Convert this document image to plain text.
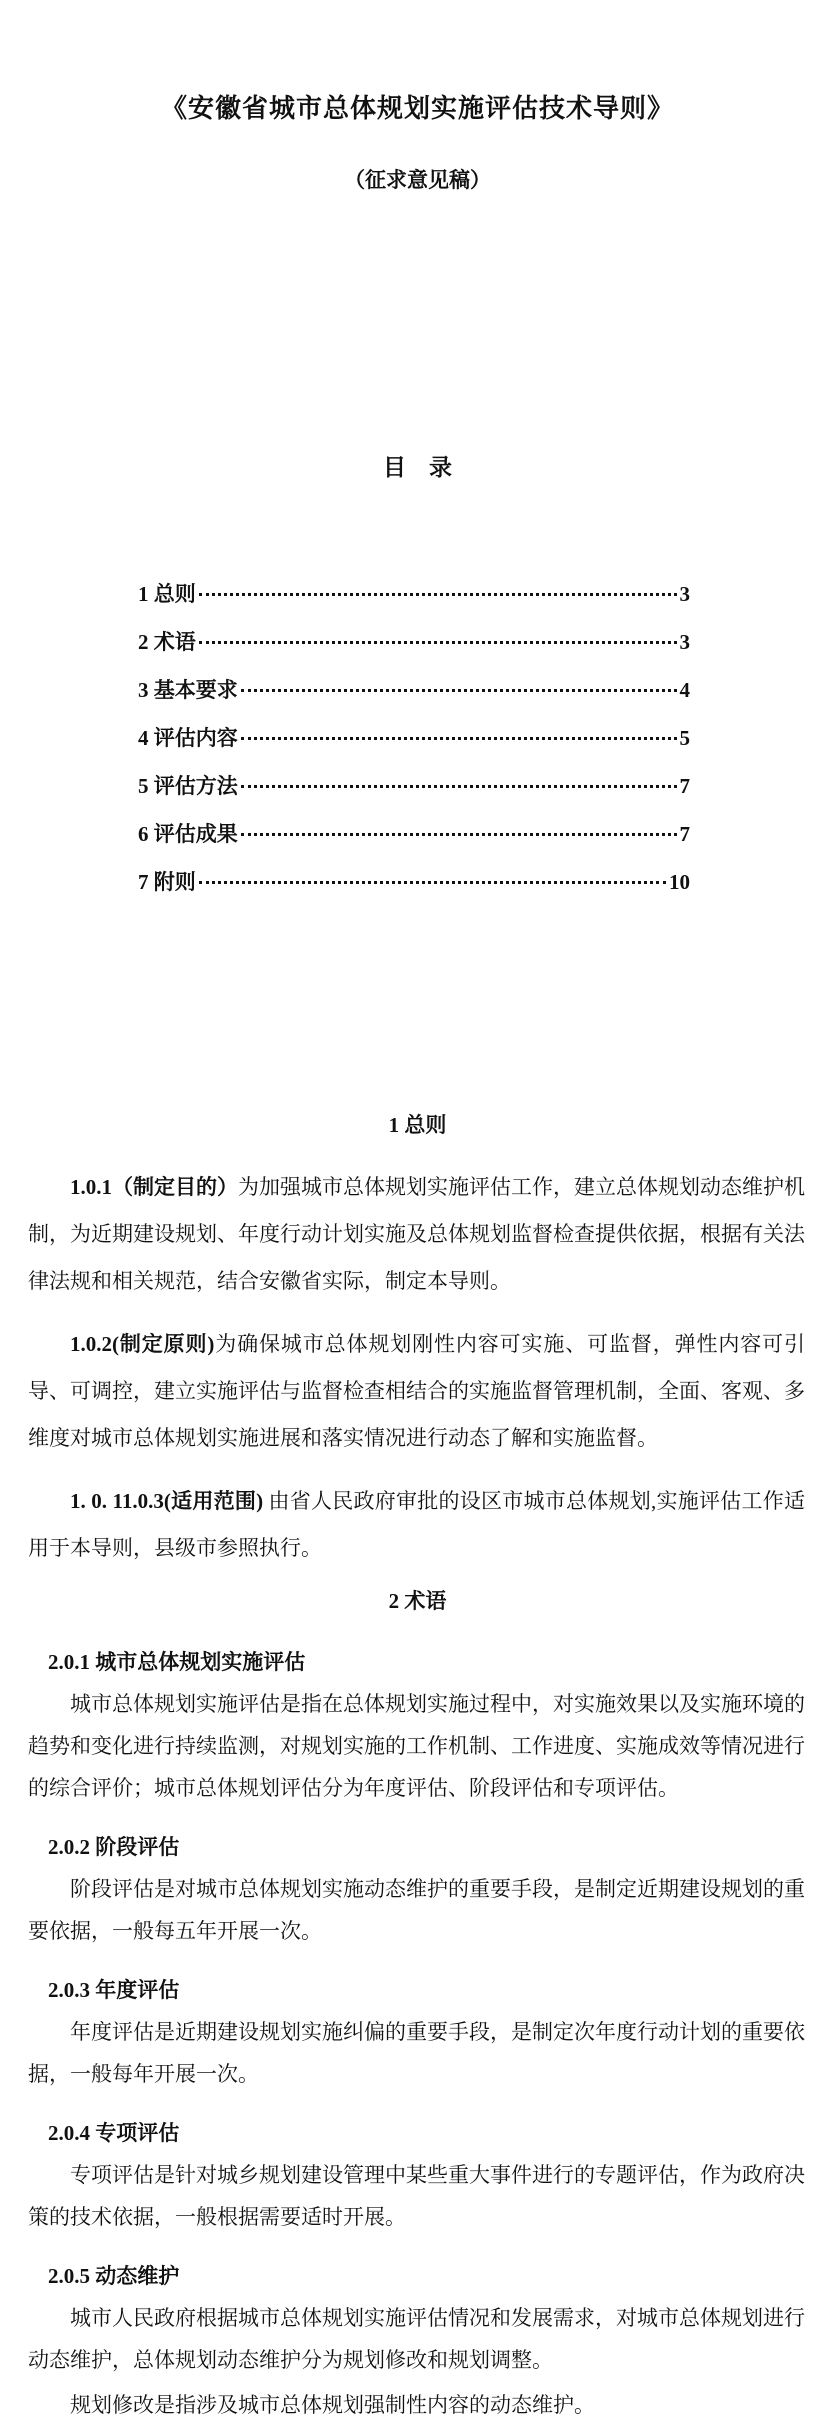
《安徽省城市总体规划实施评估技术导则》
（征求意见稿）
目　录
1 总则	3
2 术语	3
3 基本要求	4
4 评估内容	5
5 评估方法	7
6 评估成果	7
7 附则	10
1 总则

1.0.1（制定目的）为加强城市总体规划实施评估工作，建立总体规划动态维护机制，为近期建设规划、年度行动计划实施及总体规划监督检查提供依据，根据有关法律法规和相关规范，结合安徽省实际，制定本导则。

1.0.2(制定原则)为确保城市总体规划刚性内容可实施、可监督，弹性内容可引导、可调控，建立实施评估与监督检查相结合的实施监督管理机制，全面、客观、多维度对城市总体规划实施进展和落实情况进行动态了解和实施监督。

1. 0. 11.0.3(适用范围) 由省人民政府审批的设区市城市总体规划,实施评估工作适用于本导则，县级市参照执行。

2 术语

2.0.1 城市总体规划实施评估

城市总体规划实施评估是指在总体规划实施过程中，对实施效果以及实施环境的趋势和变化进行持续监测，对规划实施的工作机制、工作进度、实施成效等情况进行的综合评价；城市总体规划评估分为年度评估、阶段评估和专项评估。

2.0.2 阶段评估

阶段评估是对城市总体规划实施动态维护的重要手段，是制定近期建设规划的重要依据，一般每五年开展一次。

2.0.3 年度评估

年度评估是近期建设规划实施纠偏的重要手段，是制定次年度行动计划的重要依据，一般每年开展一次。

2.0.4 专项评估

专项评估是针对城乡规划建设管理中某些重大事件进行的专题评估，作为政府决策的技术依据，一般根据需要适时开展。

2.0.5 动态维护

城市人民政府根据城市总体规划实施评估情况和发展需求，对城市总体规划进行动态维护，总体规划动态维护分为规划修改和规划调整。

规划修改是指涉及城市总体规划强制性内容的动态维护。
